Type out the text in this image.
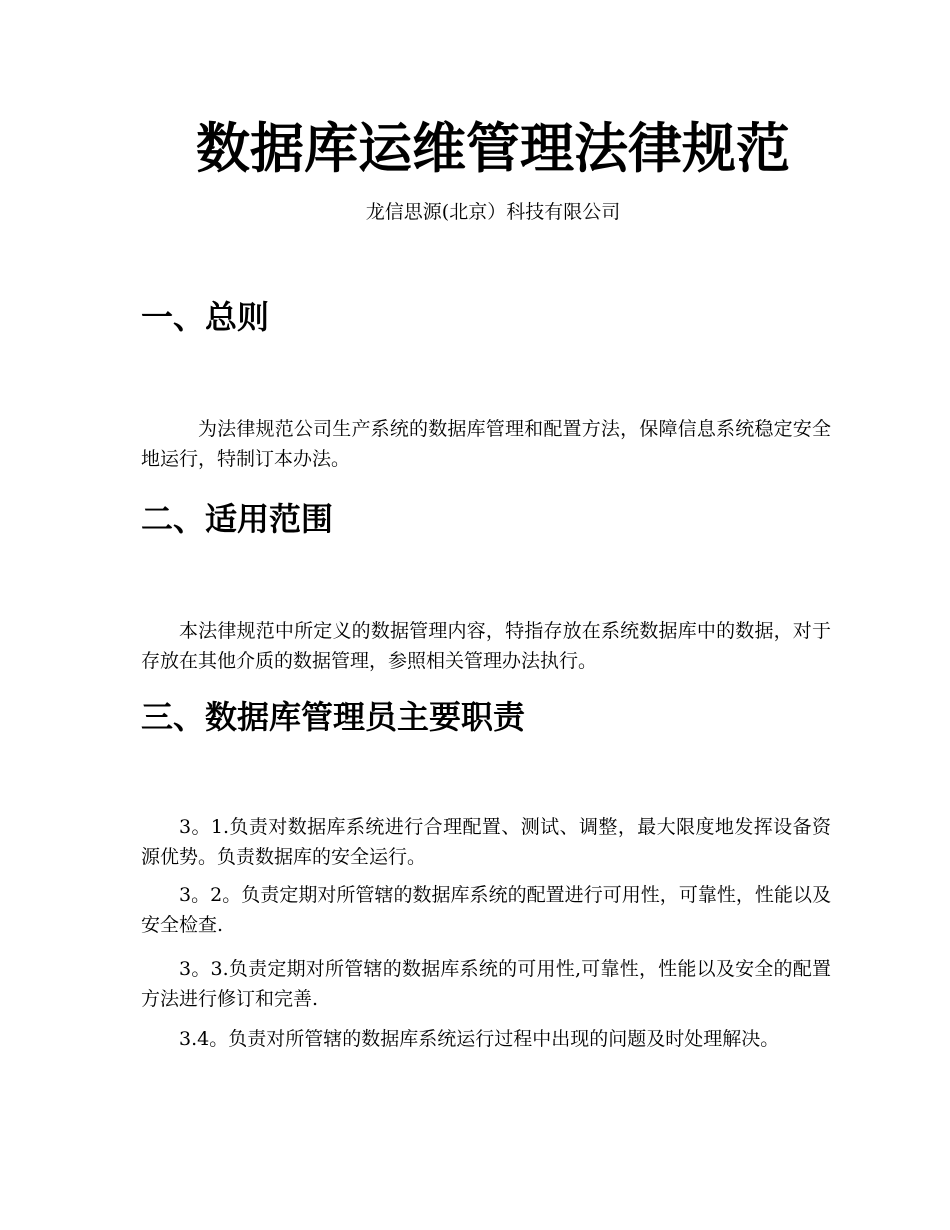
数据库运维管理法律规范

龙信思源(北京）科技有限公司

一、总则

为法律规范公司生产系统的数据库管理和配置方法，保障信息系统稳定安全地运行，特制订本办法。

二、适用范围

本法律规范中所定义的数据管理内容，特指存放在系统数据库中的数据，对于存放在其他介质的数据管理，参照相关管理办法执行。

三、数据库管理员主要职责

3。1.负责对数据库系统进行合理配置、测试、调整，最大限度地发挥设备资源优势。负责数据库的安全运行。

3。2。负责定期对所管辖的数据库系统的配置进行可用性，可靠性，性能以及安全检查.

3。3.负责定期对所管辖的数据库系统的可用性,可靠性，性能以及安全的配置方法进行修订和完善.

3.4。负责对所管辖的数据库系统运行过程中出现的问题及时处理解决。
